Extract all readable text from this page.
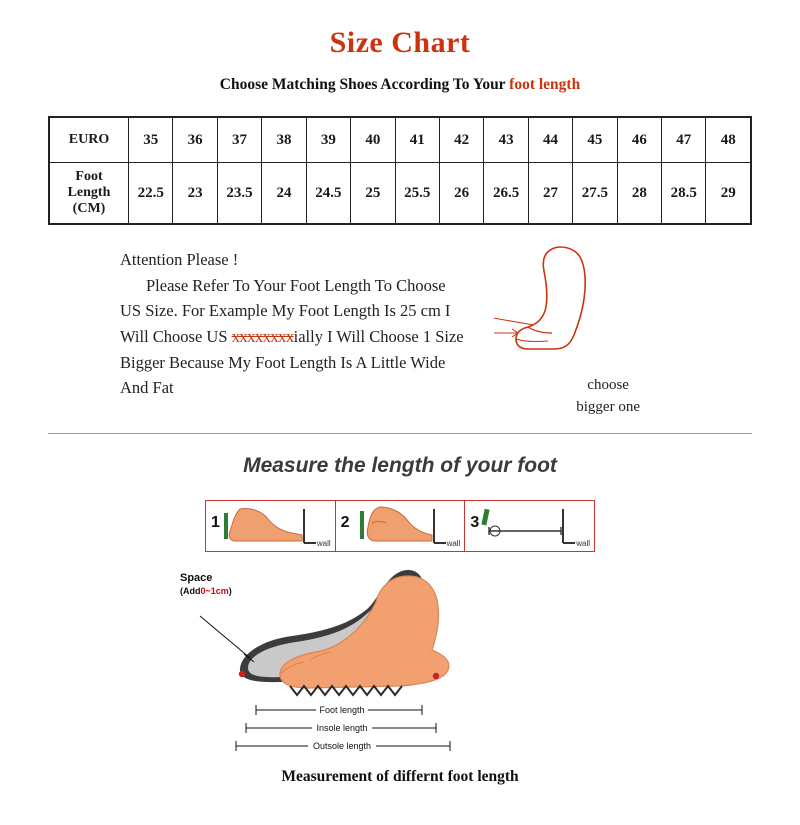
Size Chart
Choose Matching Shoes According To Your foot length
EURO	35	36	37	38	39	40	41	42	43	44	45	46	47	48
Foot
Length
(CM)	22.5	23	23.5	24	24.5	25	25.5	26	26.5	27	27.5	28	28.5	29
Attention Please !

Please Refer To Your Foot Length To Choose
US Size. For Example My Foot Length Is 25 cm I
Will Choose US xxxxxxxxially I Will Choose 1 Size
Bigger Because My Foot Length Is A Little Wide
And Fat	choose
bigger one
Measure the length of your foot
1
wall
2
wall
3
wall
Space
(Add0~1cm)
Foot length
Insole length
Outsole length
Measurement of differnt foot length
